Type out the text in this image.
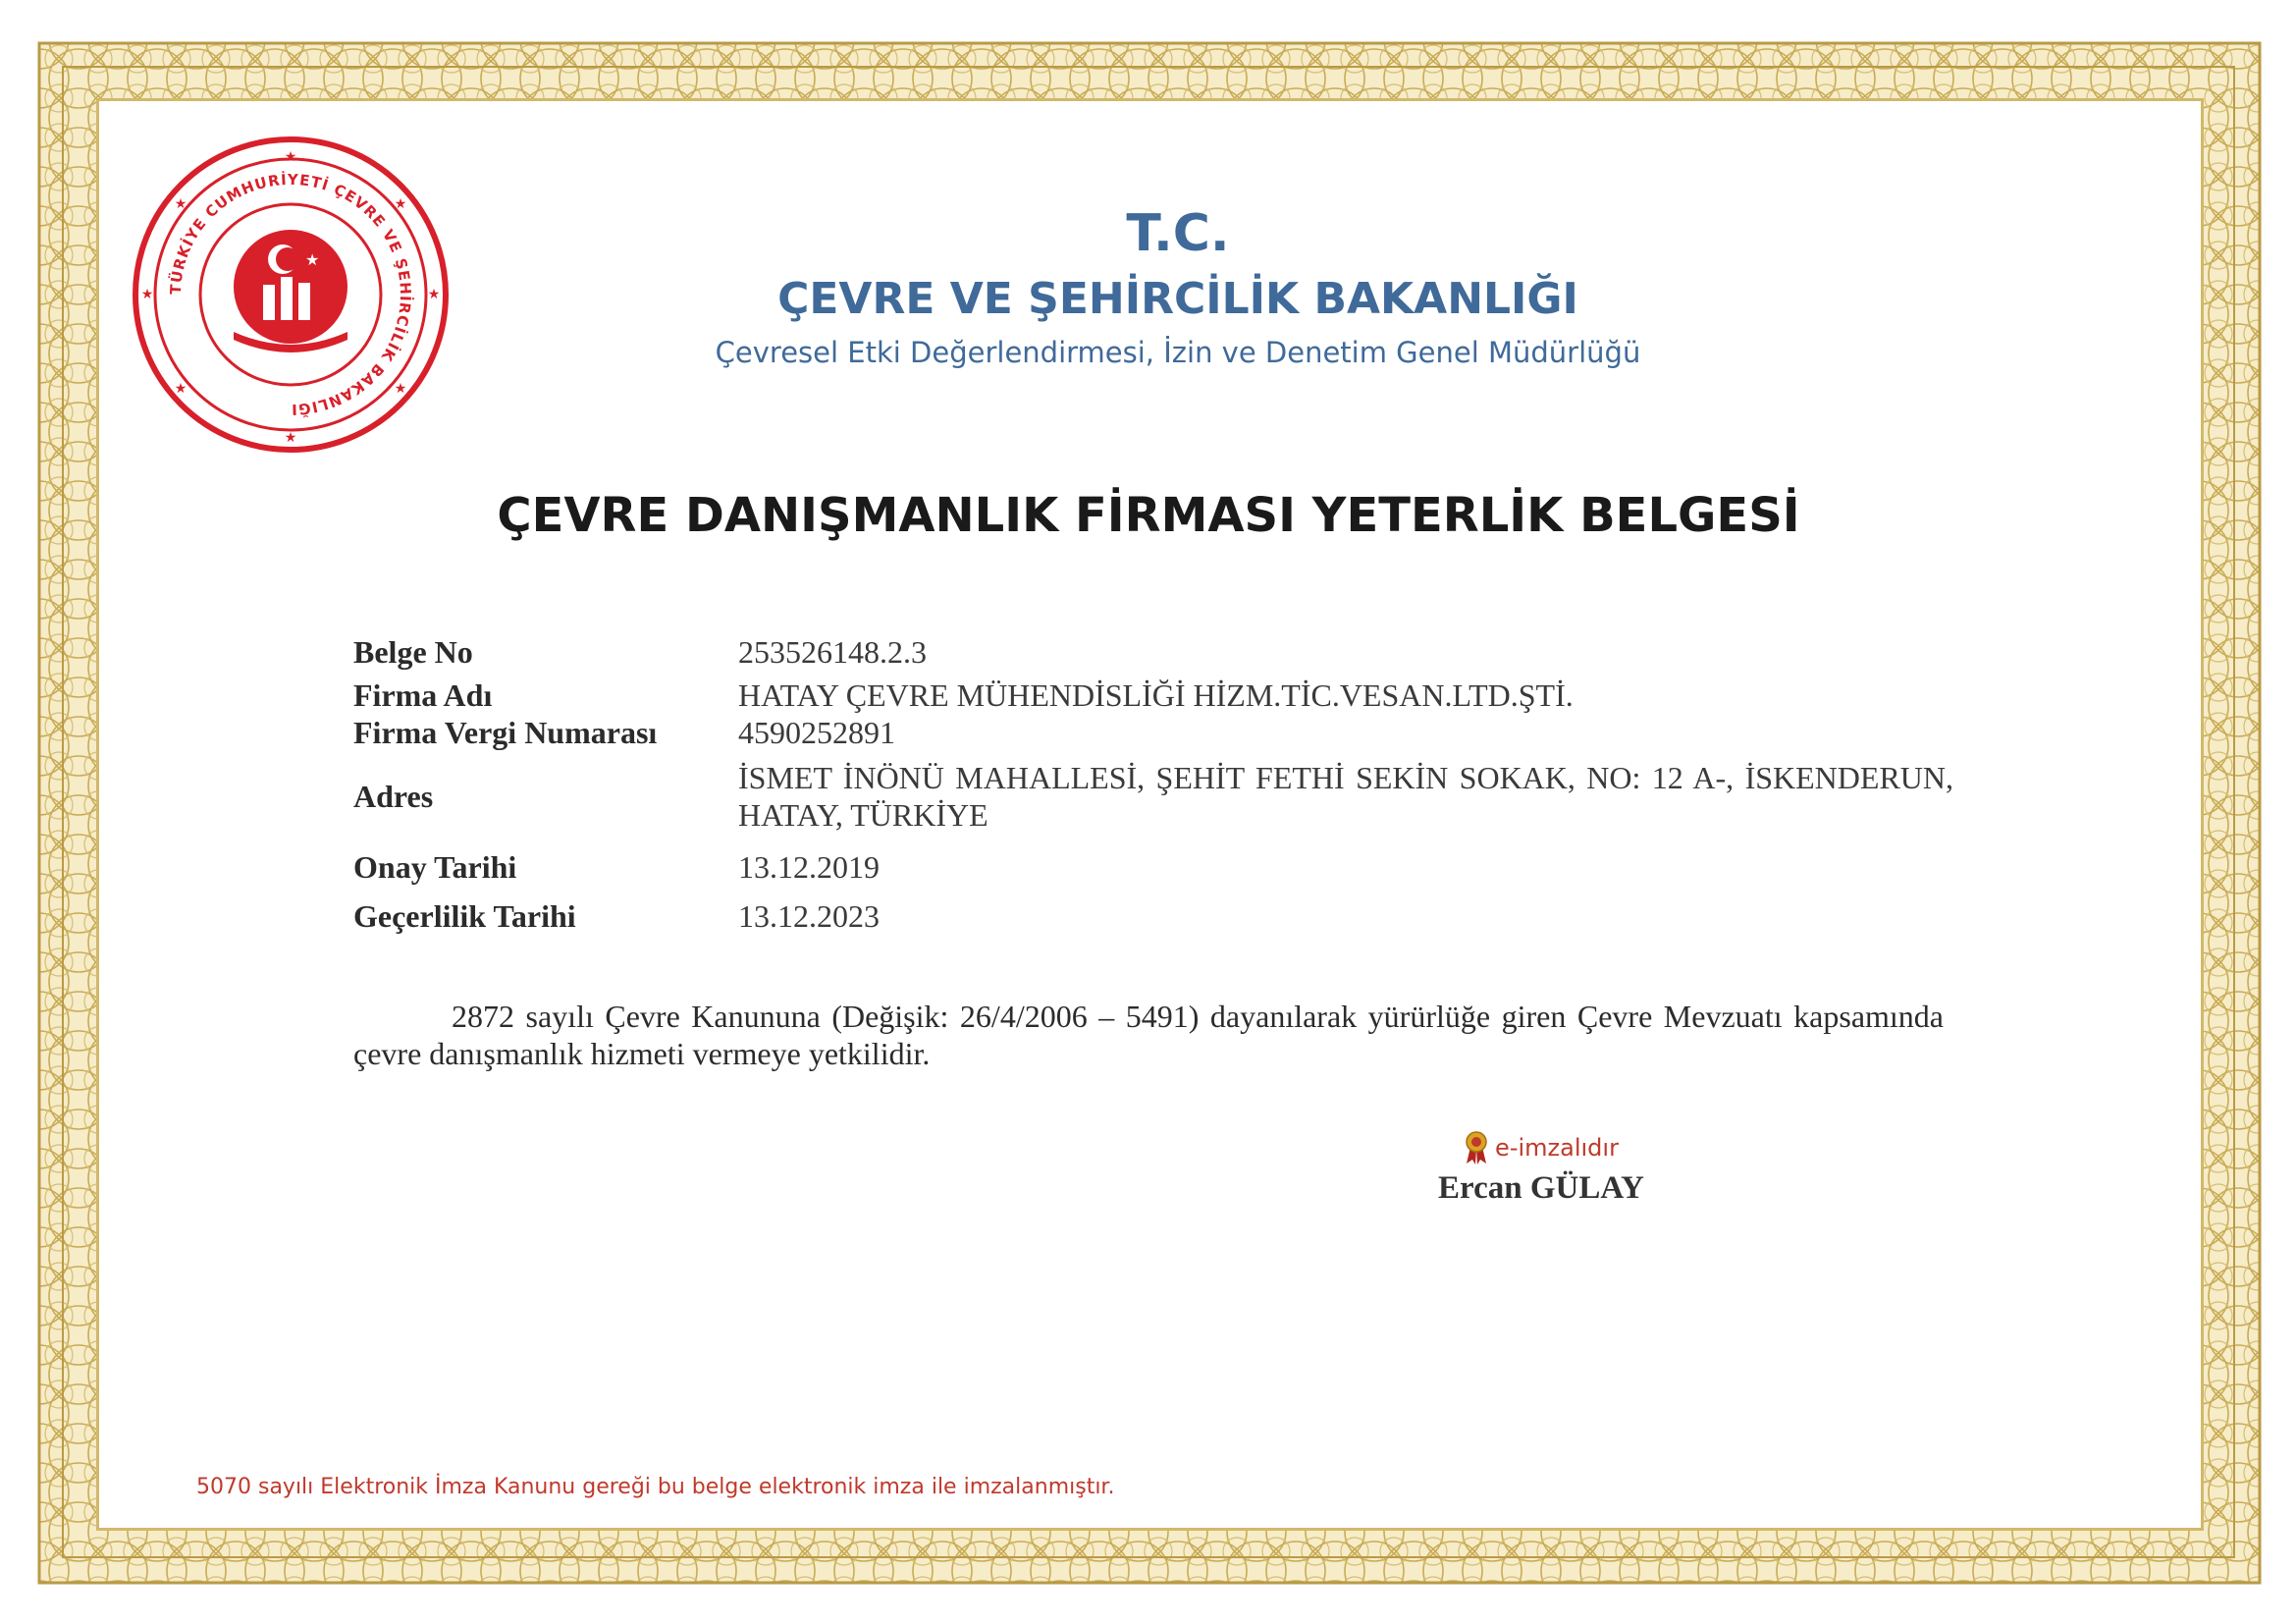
★
★	★
★	★
★	★
★
TÜRKİYE CUMHURİYETİ ÇEVRE VE ŞEHİRCİLİK BAKANLIĞI
★	T.C.
ÇEVRE VE ŞEHİRCİLİK BAKANLIĞI
Çevresel Etki Değerlendirmesi, İzin ve Denetim Genel Müdürlüğü
ÇEVRE DANIŞMANLIK FİRMASI YETERLİK BELGESİ
Belge No	253526148.2.3
Firma Adı	HATAY ÇEVRE MÜHENDİSLİĞİ HİZM.TİC.VESAN.LTD.ŞTİ.
Firma Vergi Numarası	4590252891
Adres
İSMET İNÖNÜ MAHALLESİ, ŞEHİT FETHİ SEKİN SOKAK, NO: 12 A-, İSKENDERUN, HATAY, TÜRKİYE
Onay Tarihi	13.12.2019
Geçerlilik Tarihi	13.12.2023
2872 sayılı Çevre Kanununa (Değişik: 26/4/2006 – 5491) dayanılarak yürürlüğe giren Çevre Mevzuatı kapsamında çevre danışmanlık hizmeti vermeye yetkilidir.
e-imzalıdır
Ercan GÜLAY
5070 sayılı Elektronik İmza Kanunu gereği bu belge elektronik imza ile imzalanmıştır.
